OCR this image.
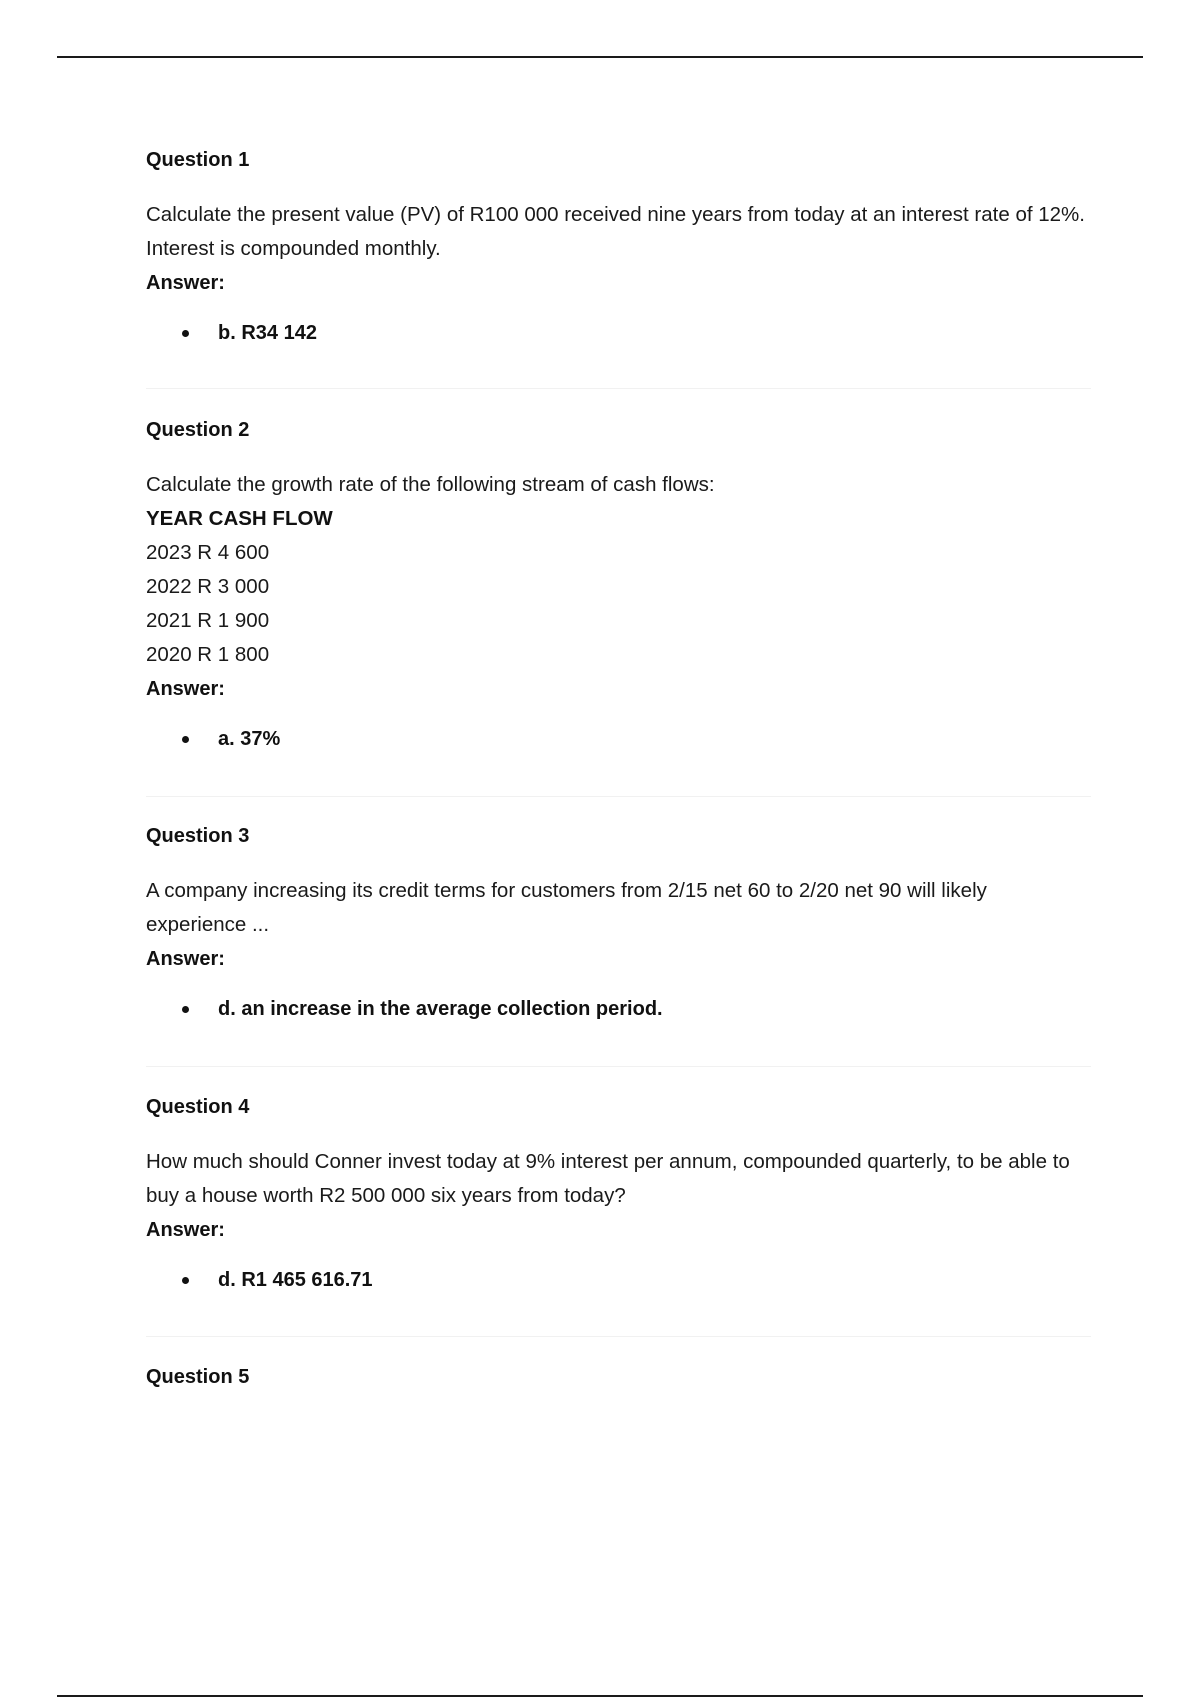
Question 1

Calculate the present value (PV) of R100 000 received nine years from today at an interest rate of 12%. Interest is compounded monthly.

Answer:

b. R34 142
Question 2

Calculate the growth rate of the following stream of cash flows:

YEAR CASH FLOW

2023 R 4 600

2022 R 3 000

2021 R 1 900

2020 R 1 800

Answer:

a. 37%
Question 3

A company increasing its credit terms for customers from 2/15 net 60 to 2/20 net 90 will likely experience ...

Answer:

d. an increase in the average collection period.
Question 4

How much should Conner invest today at 9% interest per annum, compounded quarterly, to be able to buy a house worth R2 500 000 six years from today?

Answer:

d. R1 465 616.71
Question 5
